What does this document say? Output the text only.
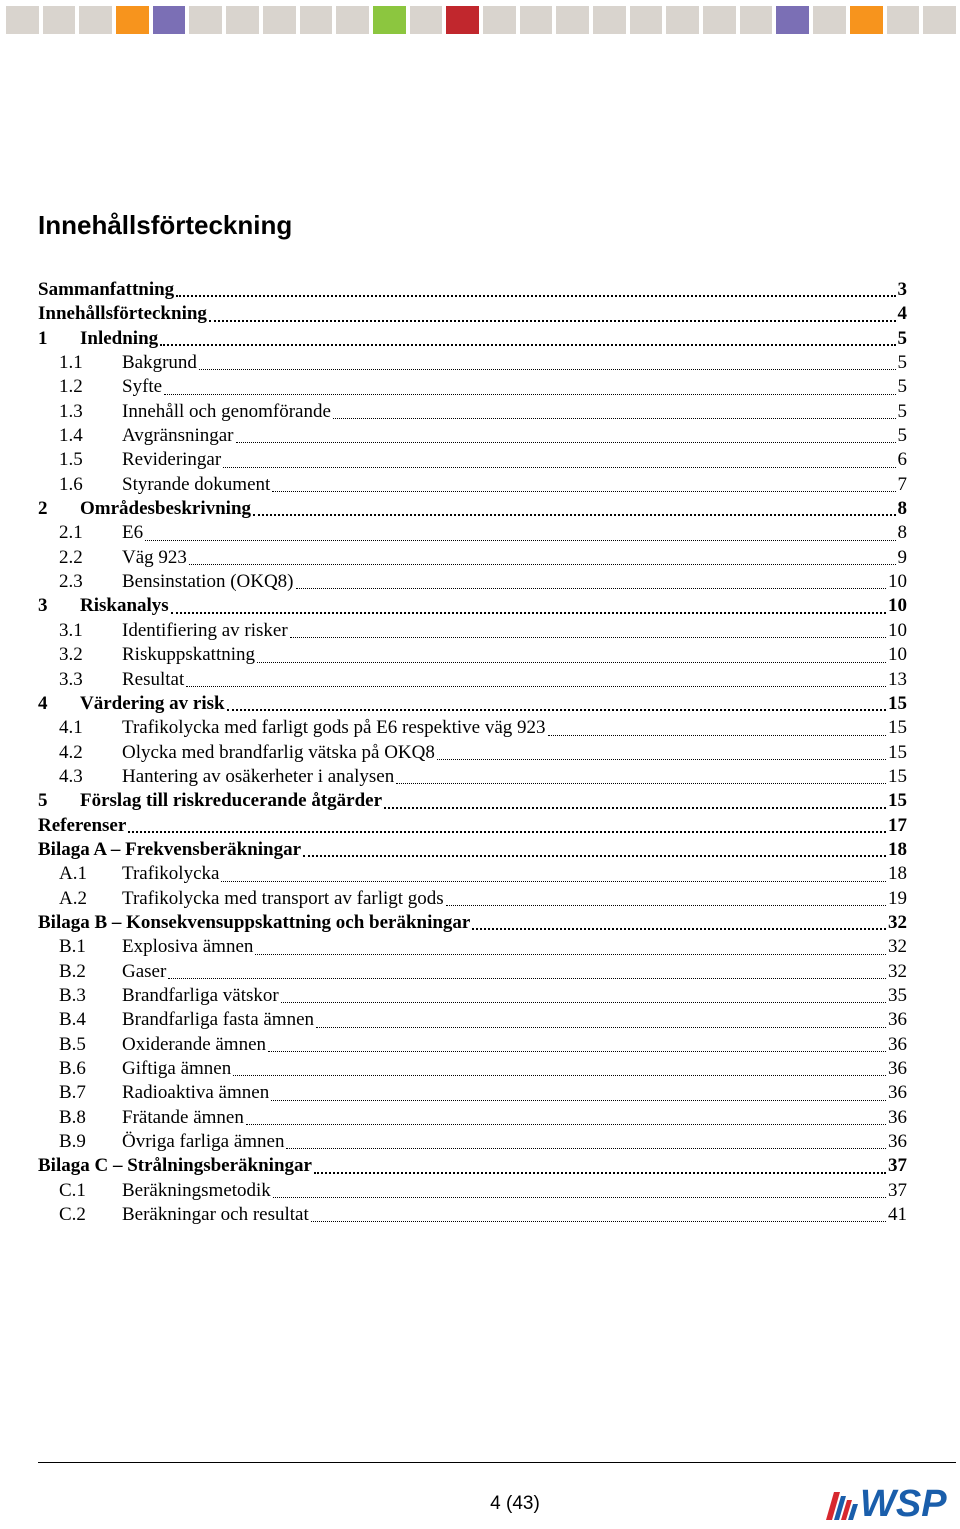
Innehållsförteckning
Sammanfattning	3
Innehållsförteckning	4
1	Inledning	5
1.1	Bakgrund	5
1.2	Syfte	5
1.3	Innehåll och genomförande	5
1.4	Avgränsningar	5
1.5	Revideringar	6
1.6	Styrande dokument	7
2	Områdesbeskrivning	8
2.1	E6	8
2.2	Väg 923	9
2.3	Bensinstation (OKQ8)	10
3	Riskanalys	10
3.1	Identifiering av risker	10
3.2	Riskuppskattning	10
3.3	Resultat	13
4	Värdering av risk	15
4.1	Trafikolycka med farligt gods på E6 respektive väg 923	15
4.2	Olycka med brandfarlig vätska på OKQ8	15
4.3	Hantering av osäkerheter i analysen	15
5	Förslag till riskreducerande åtgärder	15
Referenser	17
Bilaga A – Frekvensberäkningar	18
A.1	Trafikolycka	18
A.2	Trafikolycka med transport av farligt gods	19
Bilaga B – Konsekvensuppskattning och beräkningar	32
B.1	Explosiva ämnen	32
B.2	Gaser	32
B.3	Brandfarliga vätskor	35
B.4	Brandfarliga fasta ämnen	36
B.5	Oxiderande ämnen	36
B.6	Giftiga ämnen	36
B.7	Radioaktiva ämnen	36
B.8	Frätande ämnen	36
B.9	Övriga farliga ämnen	36
Bilaga C – Strålningsberäkningar	37
C.1	Beräkningsmetodik	37
C.2	Beräkningar och resultat	41
4 (43)	WSP
